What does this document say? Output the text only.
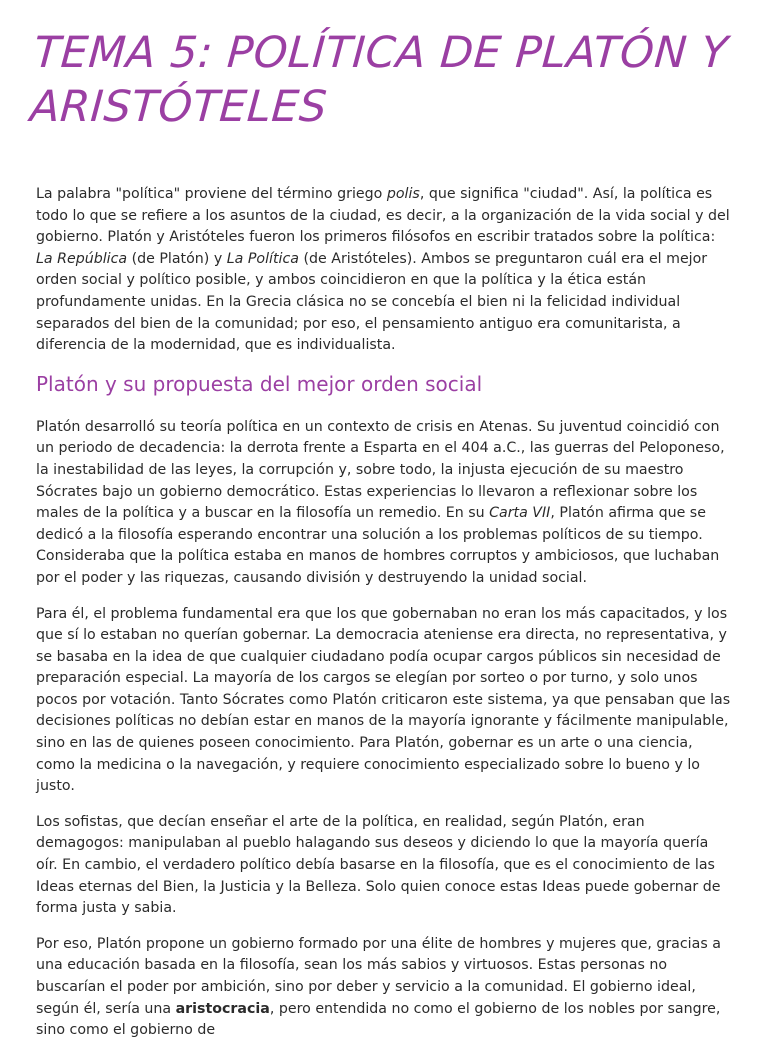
TEMA 5: POLÍTICA DE PLATÓN Y ARISTÓTELES

La palabra "política" proviene del término griego polis, que significa "ciudad". Así, la política es todo lo que se refiere a los asuntos de la ciudad, es decir, a la organización de la vida social y del gobierno. Platón y Aristóteles fueron los primeros filósofos en escribir tratados sobre la política: La República (de Platón) y La Política (de Aristóteles). Ambos se preguntaron cuál era el mejor orden social y político posible, y ambos coincidieron en que la política y la ética están profundamente unidas. En la Grecia clásica no se concebía el bien ni la felicidad individual separados del bien de la comunidad; por eso, el pensamiento antiguo era comunitarista, a diferencia de la modernidad, que es individualista.

Platón y su propuesta del mejor orden social

Platón desarrolló su teoría política en un contexto de crisis en Atenas. Su juventud coincidió con un periodo de decadencia: la derrota frente a Esparta en el 404 a.C., las guerras del Peloponeso, la inestabilidad de las leyes, la corrupción y, sobre todo, la injusta ejecución de su maestro Sócrates bajo un gobierno democrático. Estas experiencias lo llevaron a reflexionar sobre los males de la política y a buscar en la filosofía un remedio. En su Carta VII, Platón afirma que se dedicó a la filosofía esperando encontrar una solución a los problemas políticos de su tiempo. Consideraba que la política estaba en manos de hombres corruptos y ambiciosos, que luchaban por el poder y las riquezas, causando división y destruyendo la unidad social.

Para él, el problema fundamental era que los que gobernaban no eran los más capacitados, y los que sí lo estaban no querían gobernar. La democracia ateniense era directa, no representativa, y se basaba en la idea de que cualquier ciudadano podía ocupar cargos públicos sin necesidad de preparación especial. La mayoría de los cargos se elegían por sorteo o por turno, y solo unos pocos por votación. Tanto Sócrates como Platón criticaron este sistema, ya que pensaban que las decisiones políticas no debían estar en manos de la mayoría ignorante y fácilmente manipulable, sino en las de quienes poseen conocimiento. Para Platón, gobernar es un arte o una ciencia, como la medicina o la navegación, y requiere conocimiento especializado sobre lo bueno y lo justo.

Los sofistas, que decían enseñar el arte de la política, en realidad, según Platón, eran demagogos: manipulaban al pueblo halagando sus deseos y diciendo lo que la mayoría quería oír. En cambio, el verdadero político debía basarse en la filosofía, que es el conocimiento de las Ideas eternas del Bien, la Justicia y la Belleza. Solo quien conoce estas Ideas puede gobernar de forma justa y sabia.

Por eso, Platón propone un gobierno formado por una élite de hombres y mujeres que, gracias a una educación basada en la filosofía, sean los más sabios y virtuosos. Estas personas no buscarían el poder por ambición, sino por deber y servicio a la comunidad. El gobierno ideal, según él, sería una aristocracia, pero entendida no como el gobierno de los nobles por sangre, sino como el gobierno de
